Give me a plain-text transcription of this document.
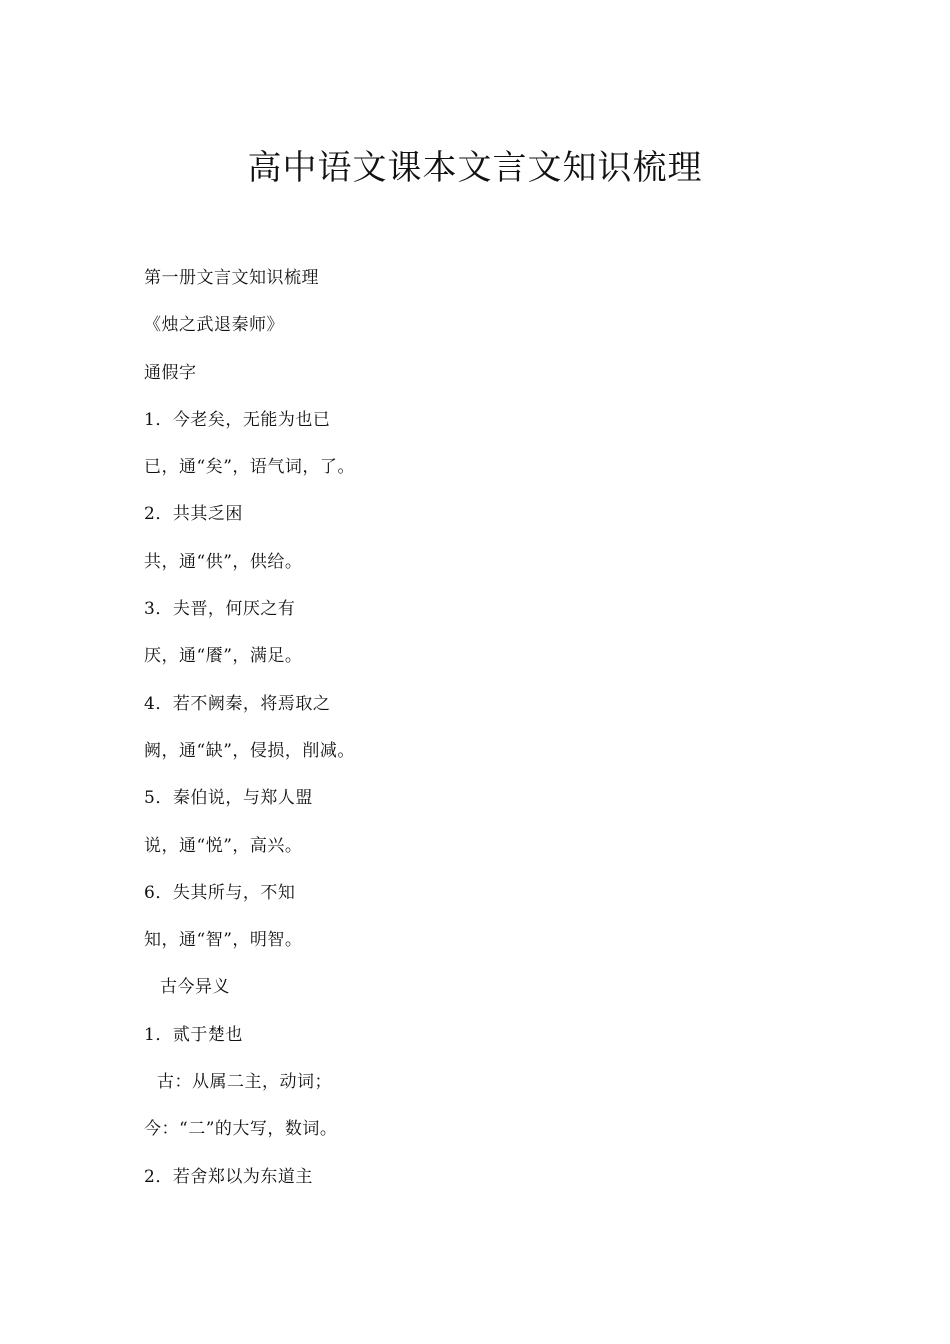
高中语文课本文言文知识梳理
第一册文言文知识梳理
《烛之武退秦师》
通假字
1．今老矣，无能为也已
已，通“矣”，语气词，了。
2．共其乏困
共，通“供”，供给。
3．夫晋，何厌之有
厌，通“餍”，满足。
4．若不阙秦，将焉取之
阙，通“缺”，侵损，削减。
5．秦伯说，与郑人盟
说，通“悦”，高兴。
6．失其所与，不知
知，通“智”，明智。
古今异义
1．贰于楚也
古：从属二主，动词；
今：“二”的大写，数词。
2．若舍郑以为东道主
